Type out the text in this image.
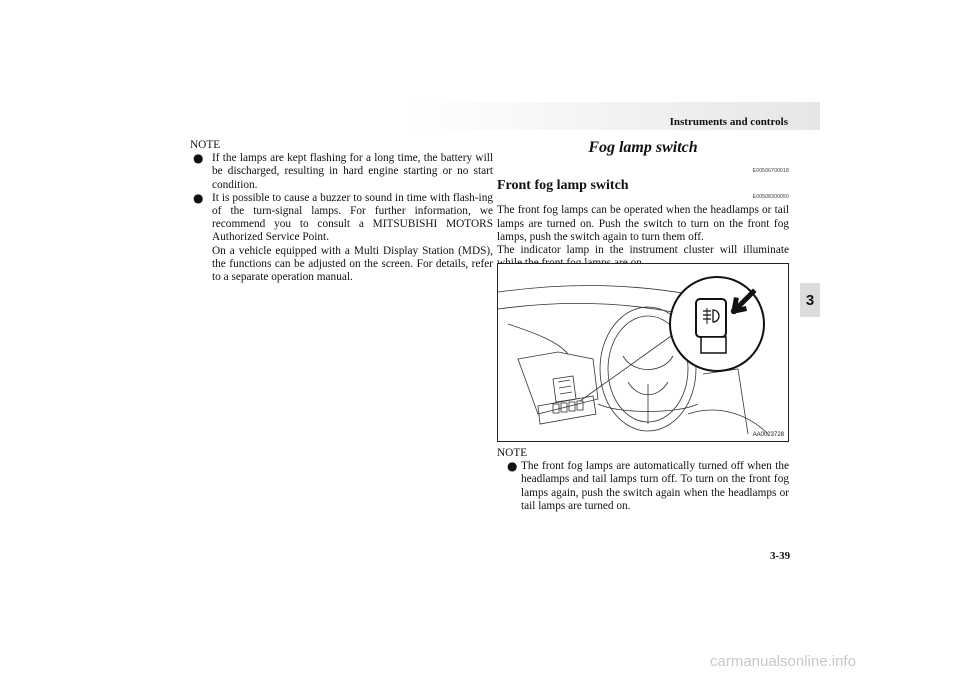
Instruments and controls
3
NOTE
● If the lamps are kept flashing for a long time, the battery will be discharged, resulting in hard engine starting or no start condition.
● It is possible to cause a buzzer to sound in time with flash-ing of the turn-signal lamps. For further information, we recommend you to consult a MITSUBISHI MOTORS Authorized Service Point.
On a vehicle equipped with a Multi Display Station (MDS), the functions can be adjusted on the screen. For details, refer to a separate operation manual.
Fog lamp switch
E00506700018
Front fog lamp switch
E00508300050
The front fog lamps can be operated when the headlamps or tail lamps are turned on. Push the switch to turn on the front fog lamps, push the switch again to turn them off.
The indicator lamp in the instrument cluster will illuminate
AA0023728
NOTE
● The front fog lamps are automatically turned off when the headlamps and tail lamps turn off. To turn on the front fog lamps again, push the switch again when the headlamps or tail lamps are turned on.
3-39
carmanualsonline.info
